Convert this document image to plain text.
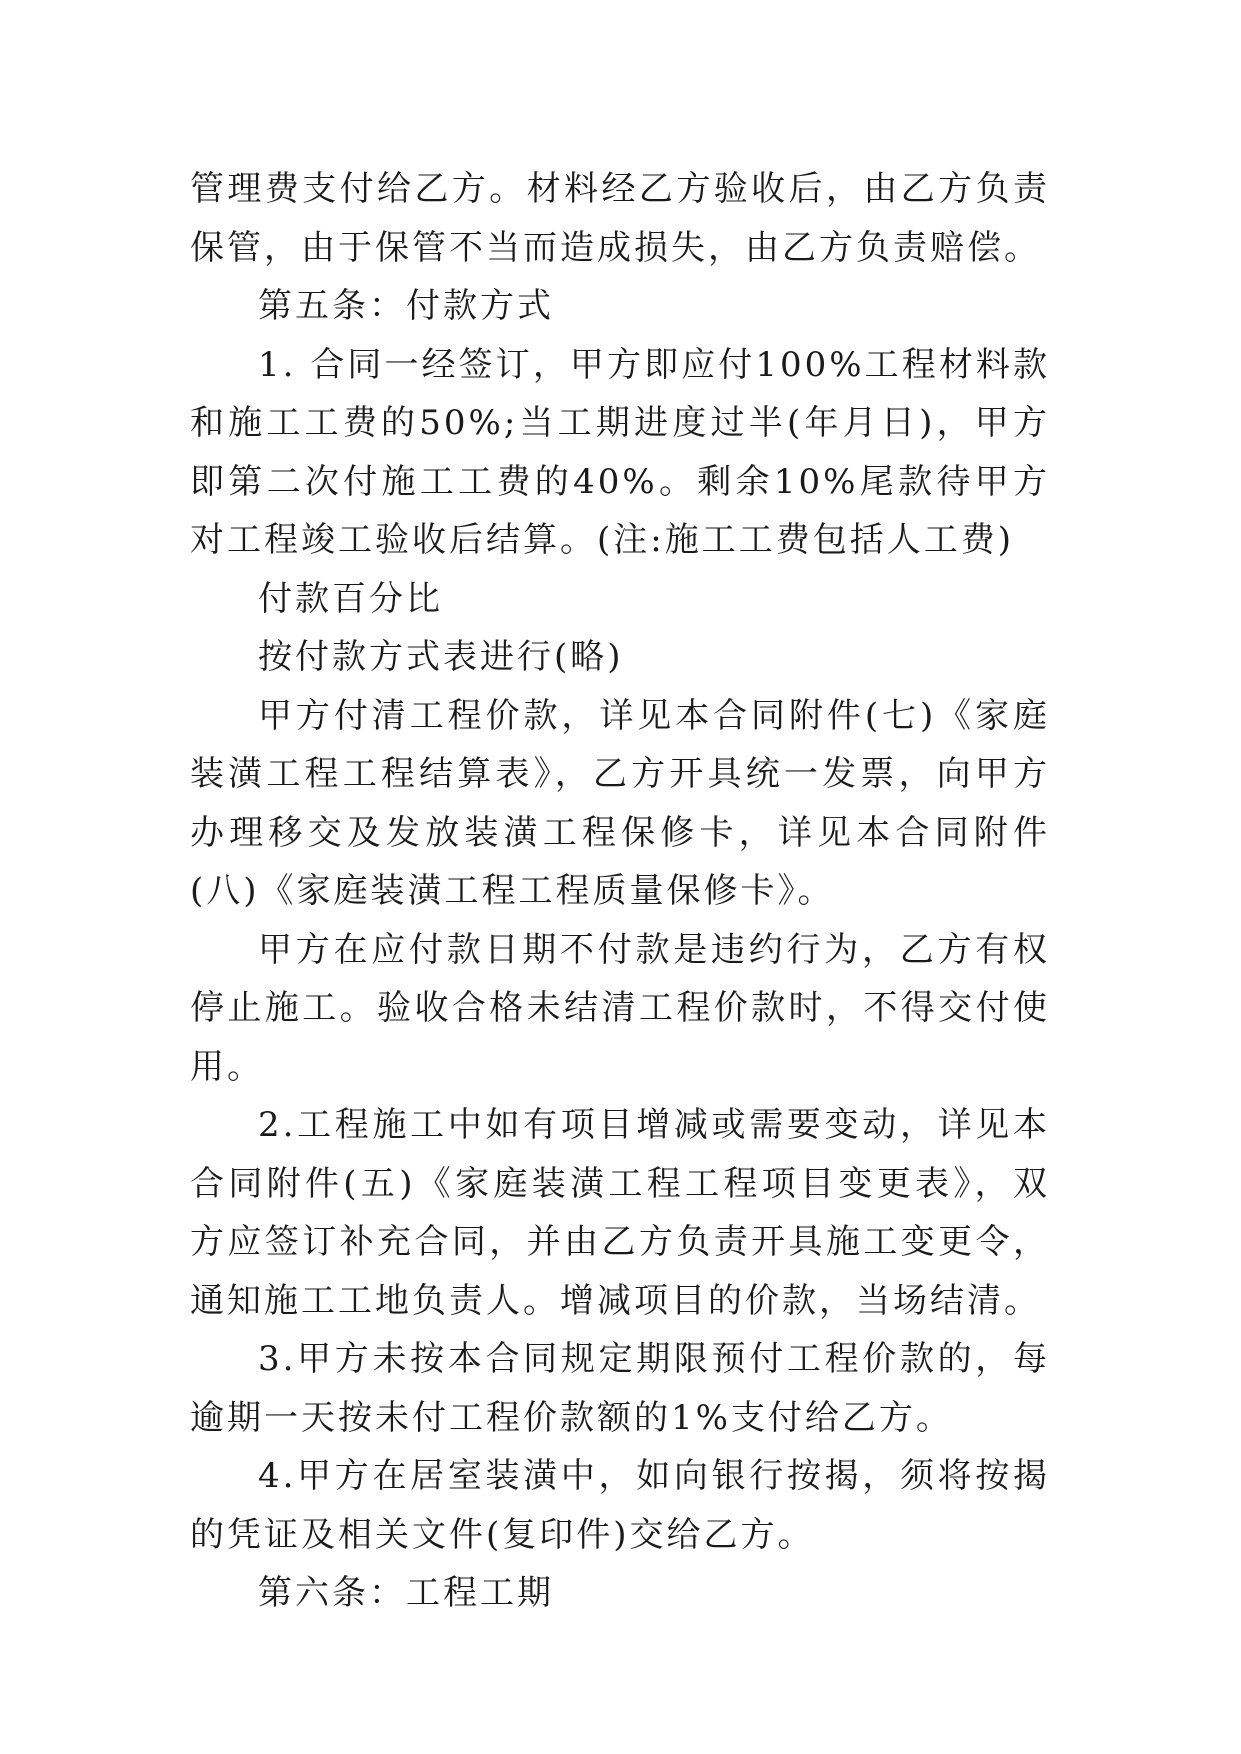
管理费支付给乙方。材料经乙方验收后，由乙方负责保管，由于保管不当而造成损失，由乙方负责赔偿。

第五条：付款方式

1. 合同一经签订，甲方即应付100%工程材料款和施工工费的50%;当工期进度过半(年月日)，甲方即第二次付施工工费的40%。剩余10%尾款待甲方对工程竣工验收后结算。(注:施工工费包括人工费)

付款百分比

按付款方式表进行(略)

甲方付清工程价款，详见本合同附件(七)《家庭装潢工程工程结算表》，乙方开具统一发票，向甲方办理移交及发放装潢工程保修卡，详见本合同附件(八)《家庭装潢工程工程质量保修卡》。

甲方在应付款日期不付款是违约行为，乙方有权停止施工。验收合格未结清工程价款时，不得交付使用。

2.工程施工中如有项目增减或需要变动，详见本合同附件(五)《家庭装潢工程工程项目变更表》，双方应签订补充合同，并由乙方负责开具施工变更令，通知施工工地负责人。增减项目的价款，当场结清。

3.甲方未按本合同规定期限预付工程价款的，每逾期一天按未付工程价款额的1%支付给乙方。

4.甲方在居室装潢中，如向银行按揭，须将按揭的凭证及相关文件(复印件)交给乙方。

第六条：工程工期
